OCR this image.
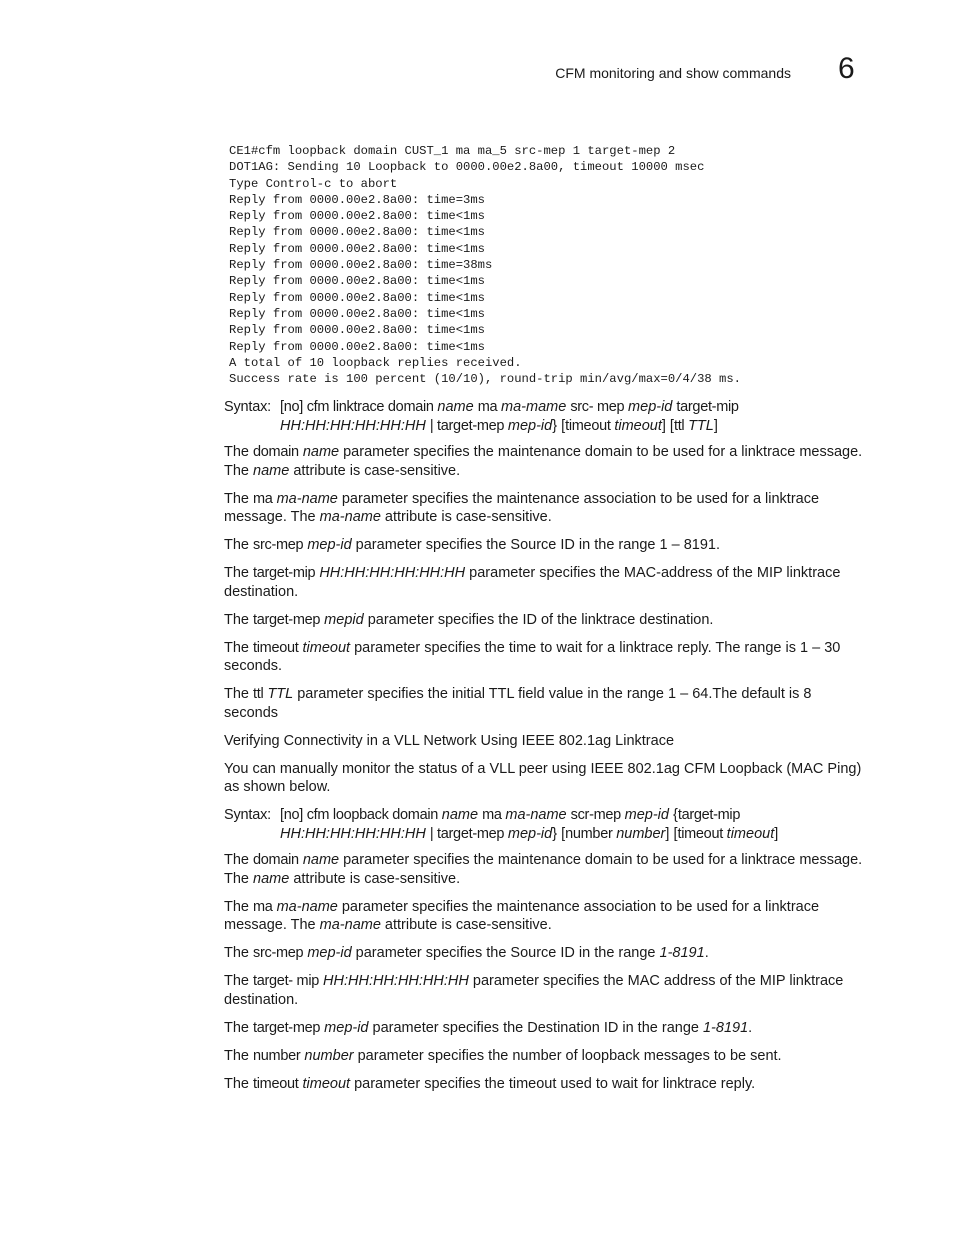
CFM monitoring and show commands 6
CE1#cfm loopback domain CUST_1 ma ma_5 src-mep 1 target-mep 2
DOT1AG: Sending 10 Loopback to 0000.00e2.8a00, timeout 10000 msec
Type Control-c to abort
Reply from 0000.00e2.8a00: time=3ms
Reply from 0000.00e2.8a00: time<1ms
Reply from 0000.00e2.8a00: time<1ms
Reply from 0000.00e2.8a00: time<1ms
Reply from 0000.00e2.8a00: time=38ms
Reply from 0000.00e2.8a00: time<1ms
Reply from 0000.00e2.8a00: time<1ms
Reply from 0000.00e2.8a00: time<1ms
Reply from 0000.00e2.8a00: time<1ms
Reply from 0000.00e2.8a00: time<1ms
A total of 10 loopback replies received.
Success rate is 100 percent (10/10), round-trip min/avg/max=0/4/38 ms.
Syntax: [no] cfm linktrace domain name ma ma-mame src- mep mep-id target-mip
HH:HH:HH:HH:HH:HH | target-mep mep-id} [timeout timeout] [ttl TTL]

The domain name parameter specifies the maintenance domain to be used for a linktrace message. The name attribute is case-sensitive.

The ma ma-name parameter specifies the maintenance association to be used for a linktrace message. The ma-name attribute is case-sensitive.

The src-mep mep-id parameter specifies the Source ID in the range 1 – 8191.

The target-mip HH:HH:HH:HH:HH:HH parameter specifies the MAC-address of the MIP linktrace destination.

The target-mep mepid parameter specifies the ID of the linktrace destination.

The timeout timeout parameter specifies the time to wait for a linktrace reply. The range is 1 – 30 seconds.

The ttl TTL parameter specifies the initial TTL field value in the range 1 – 64.The default is 8 seconds

Verifying Connectivity in a VLL Network Using IEEE 802.1ag Linktrace

You can manually monitor the status of a VLL peer using IEEE 802.1ag CFM Loopback (MAC Ping) as shown below.

Syntax: [no] cfm loopback domain name ma ma-name scr-mep mep-id {target-mip
HH:HH:HH:HH:HH:HH | target-mep mep-id} [number number] [timeout timeout]

The domain name parameter specifies the maintenance domain to be used for a linktrace message. The name attribute is case-sensitive.

The ma ma-name parameter specifies the maintenance association to be used for a linktrace message. The ma-name attribute is case-sensitive.

The src-mep mep-id parameter specifies the Source ID in the range 1-8191.

The target- mip HH:HH:HH:HH:HH:HH parameter specifies the MAC address of the MIP linktrace destination.

The target-mep mep-id parameter specifies the Destination ID in the range 1-8191.

The number number parameter specifies the number of loopback messages to be sent.

The timeout timeout parameter specifies the timeout used to wait for linktrace reply.
